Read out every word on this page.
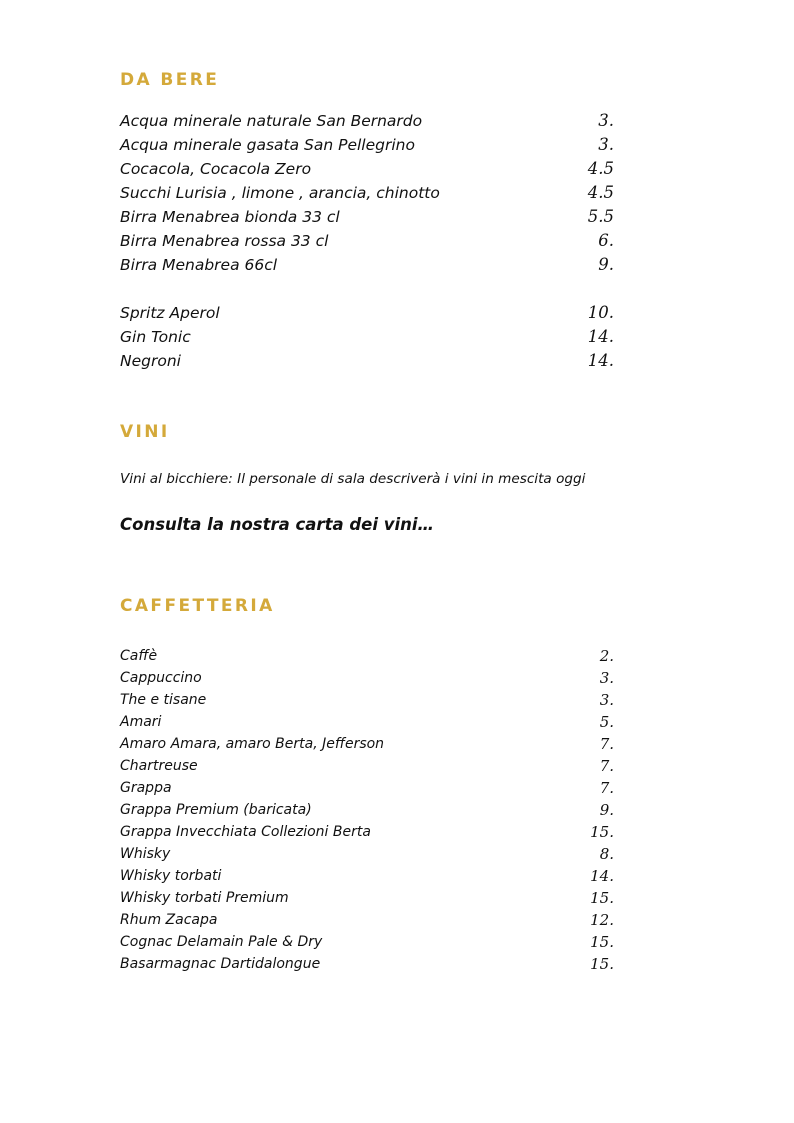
DA BERE
Acqua minerale naturale San Bernardo	3.
Acqua minerale gasata San Pellegrino	3.
Cocacola, Cocacola Zero	4.5
Succhi Lurisia , limone , arancia, chinotto	4.5
Birra Menabrea bionda 33 cl	5.5
Birra Menabrea rossa 33 cl	6.
Birra Menabrea 66cl	9.
Spritz Aperol	10.
Gin Tonic	14.
Negroni	14.
VINI

Vini al bicchiere: Il personale di sala descriverà i vini in mescita oggi

Consulta la nostra carta dei vini…

CAFFETTERIA
Caffè	2.
Cappuccino	3.
The e tisane	3.
Amari	5.
Amaro Amara, amaro Berta, Jefferson	7.
Chartreuse	7.
Grappa	7.
Grappa Premium (baricata)	9.
Grappa Invecchiata Collezioni Berta	15.
Whisky	8.
Whisky torbati	14.
Whisky torbati Premium	15.
Rhum Zacapa	12.
Cognac Delamain Pale & Dry	15.
Basarmagnac Dartidalongue	15.
